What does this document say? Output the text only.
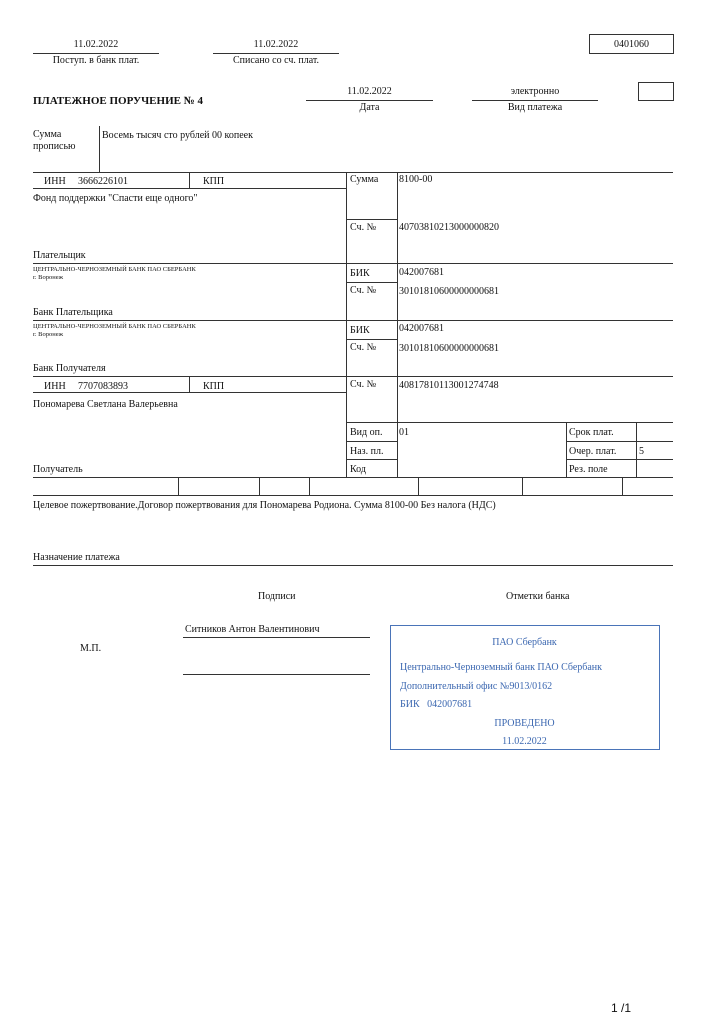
11.02.2022
Поступ. в банк плат.
11.02.2022
Списано со сч. плат.
0401060
ПЛАТЕЖНОЕ ПОРУЧЕНИЕ № 4
11.02.2022
Дата
электронно
Вид платежа
Сумма
прописью
Восемь тысяч сто рублей 00 копеек
ИНН 3666226101	КПП
Фонд поддержки "Спасти еще одного"
Плательщик
ЦЕНТРАЛЬНО-ЧЕРНОЗЕМНЫЙ БАНК ПАО СБЕРБАНК
г. Воронеж
Банк Плательщика
ЦЕНТРАЛЬНО-ЧЕРНОЗЕМНЫЙ БАНК ПАО СБЕРБАНК
г. Воронеж
Банк Получателя
ИНН 7707083893	КПП
Пономарева Светлана Валерьевна
Получатель
Сумма 8100-00
Сч. № 40703810213000000820
БИК	042007681
Сч. № 30101810600000000681
БИК	042007681
Сч. № 30101810600000000681
Сч. № 40817810113001274748
Вид оп. 01
Наз. пл.
Код
Срок плат.
Очер. плат. 5
Рез. поле
Целевое пожертвование.Договор пожертвования для Пономарева Родиона. Сумма 8100-00 Без налога (НДС)
Назначение платежа
Подписи	Отметки банка
М.П.
Ситников Антон Валентинович
ПАО Сбербанк
Центрально-Черноземный банк ПАО Сбербанк
Дополнительный офис №9013/0162
БИК   042007681
ПРОВЕДЕНО
11.02.2022
1 /1
